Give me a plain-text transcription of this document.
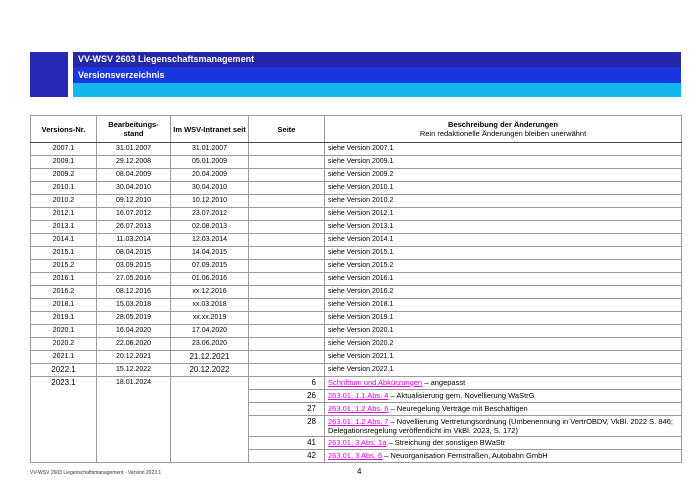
VV-WSV 2603 Liegenschaftsmanagement
Versionsverzeichnis
Versions-Nr.	Bearbeitungs-stand	Im WSV-Intranet seit	Seite	Beschreibung der Änderungen
Rein redaktionelle Änderungen bleiben unerwähnt

2007.1	31.01.2007	31.01.2007		siehe Version 2007.1
2009.1	29.12.2008	05.01.2009		siehe Version 2009.1
2009.2	08.04.2009	20.04.2009		siehe Version 2009.2
2010.1	30.04.2010	30.04.2010		siehe Version 2010.1
2010.2	09.12.2010	10.12.2010		siehe Version 2010.2
2012.1	16.07.2012	23.07.2012		siehe Version 2012.1
2013.1	26.07.2013	02.08.2013		siehe Version 2013.1
2014.1	11.03.2014	12.03.2014		siehe Version 2014.1
2015.1	08.04.2015	14.04.2015		siehe Version 2015.1
2015.2	03.09.2015	07.09.2015		siehe Version 2015.2
2016.1	27.05.2016	01.06.2016		siehe Version 2016.1
2016.2	08.12.2016	xx.12.2016		siehe Version 2016.2
2018.1	15.03.2018	xx.03.2018		siehe Version 2018.1
2019.1	28.05.2019	xx.xx.2019		siehe Version 2019.1
2020.1	16.04.2020	17.04.2020		siehe Version 2020.1
2020.2	22.06.2020	23.06.2020		siehe Version 2020.2
2021.1	20.12.2021	21.12.2021		siehe Version 2021.1
2022.1	15.12.2022	20.12.2022		siehe Version 2022.1
2023.1	18.01.2024		6	Schrifttum und Abkürzungen – angepasst
			26	263.01, 1.1 Abs. 4 – Aktualisierung gem. Novellierung WaStrG
			27	263.01, 1.2 Abs. 6 – Neuregelung Verträge mit Beschäftigen
			28	263.01, 1.2 Abs. 7 – Novellierung Vertretungsordnung (Umbenennung in VertrOBDV, VkBl. 2022 S. 846; Delegationsregelung veröffentlicht im VkBl. 2023, S. 172)
			41	263.01, 3 Abs. 1a – Streichung der sonstigen BWaStr
			42	263.01, 3 Abs. 6 – Neuorganisation Fernstraßen, Autobahn GmbH
VV-WSV 2603 Liegenschaftsmanagement - Version 2023.1	4
